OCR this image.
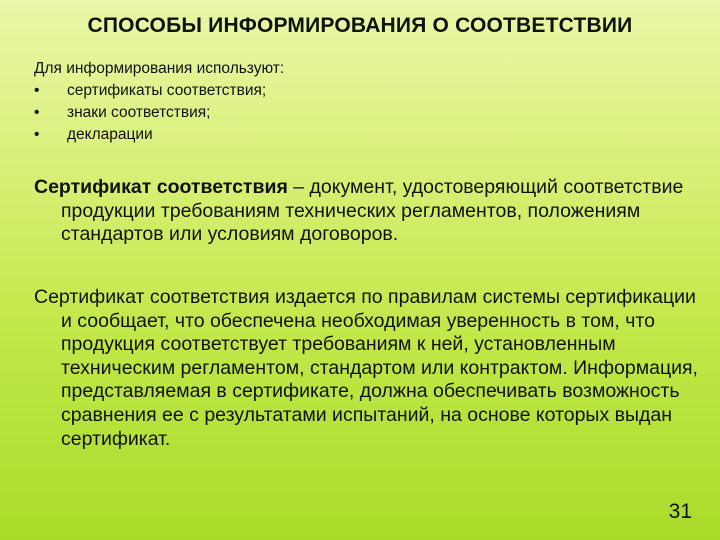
СПОСОБЫ ИНФОРМИРОВАНИЯ О СООТВЕТСТВИИ
Для информирования используют:
• сертификаты соответствия;
• знаки соответствия;
• декларации

Сертификат соответствия – документ, удостоверяющий соответствие продукции требованиям технических регламентов, положениям стандартов или условиям договоров.

Сертификат соответствия издается по правилам системы сертификации и сообщает, что обеспечена необходимая уверенность в том, что продукция соответствует требованиям к ней, установленным техническим регламентом, стандартом или контрактом. Информация, представляемая в сертификате, должна обеспечивать возможность сравнения ее с результатами испытаний, на основе которых выдан сертификат.

31
